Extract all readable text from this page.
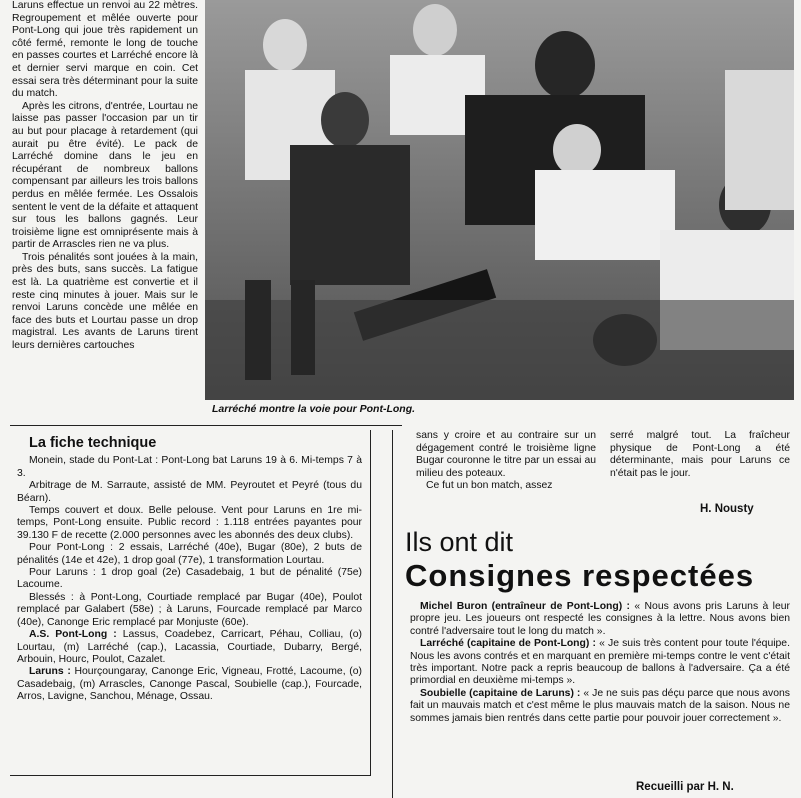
Laruns effectue un renvoi au 22 mètres. Regroupement et mêlée ouverte pour Pont-Long qui joue très rapidement un côté fermé, remonte le long de touche en passes courtes et Larréché encore là et dernier servi marque en coin. Cet essai sera très déterminant pour la suite du match.

Après les citrons, d'entrée, Lourtau ne laisse pas passer l'occasion par un tir au but pour placage à retardement (qui aurait pu être évité). Le pack de Larréché domine dans le jeu en récupérant de nombreux ballons compensant par ailleurs les trois ballons perdus en mêlée fermée. Les Ossalois sentent le vent de la défaite et attaquent sur tous les ballons gagnés. Leur troisième ligne est omniprésente mais à partir de Arrascles rien ne va plus.

Trois pénalités sont jouées à la main, près des buts, sans succès. La fatigue est là. La quatrième est convertie et il reste cinq minutes à jouer. Mais sur le renvoi Laruns concède une mêlée en face des buts et Lourtau passe un drop magistral. Les avants de Laruns tirent leurs dernières cartouches

Larréché montre la voie pour Pont-Long.
La fiche technique

Monein, stade du Pont-Lat : Pont-Long bat Laruns 19 à 6. Mi-temps 7 à 3.

Arbitrage de M. Sarraute, assisté de MM. Peyroutet et Peyré (tous du Béarn).

Temps couvert et doux. Belle pelouse. Vent pour Laruns en 1re mi-temps, Pont-Long ensuite. Public record : 1.118 entrées payantes pour 39.130 F de recette (2.000 personnes avec les abonnés des deux clubs).

Pour Pont-Long : 2 essais, Larréché (40e), Bugar (80e), 2 buts de pénalités (14e et 42e), 1 drop goal (77e), 1 transformation Lourtau.

Pour Laruns : 1 drop goal (2e) Casadebaig, 1 but de pénalité (75e) Lacoume.

Blessés : à Pont-Long, Courtiade remplacé par Bugar (40e), Poulot remplacé par Galabert (58e) ; à Laruns, Fourcade remplacé par Marco (40e), Canonge Eric remplacé par Monjuste (60e).

A.S. Pont-Long : Lassus, Coadebez, Carricart, Péhau, Colliau, (o) Lourtau, (m) Larréché (cap.), Lacassia, Courtiade, Dubarry, Bergé, Arbouin, Hourc, Poulot, Cazalet.

Laruns : Hourçoungaray, Canonge Eric, Vigneau, Frotté, Lacoume, (o) Casadebaig, (m) Arrascles, Canonge Pascal, Soubielle (cap.), Fourcade, Arros, Lavigne, Sanchou, Ménage, Ossau.

sans y croire et au contraire sur un dégagement contré le troisième ligne Bugar couronne le titre par un essai au milieu des poteaux.

Ce fut un bon match, assez

serré malgré tout. La fraîcheur physique de Pont-Long a été déterminante, mais pour Laruns ce n'était pas le jour.

H. Nousty
Ils ont dit
Consignes respectées

Michel Buron (entraîneur de Pont-Long) : « Nous avons pris Laruns à leur propre jeu. Les joueurs ont respecté les consignes à la lettre. Nous avons bien contré l'adversaire tout le long du match ».

Larréché (capitaine de Pont-Long) : « Je suis très content pour toute l'équipe. Nous les avons contrés et en marquant en première mi-temps contre le vent c'était très important. Notre pack a repris beaucoup de ballons à l'adversaire. Ça a été primordial en deuxième mi-temps ».

Soubielle (capitaine de Laruns) : « Je ne suis pas déçu parce que nous avons fait un mauvais match et c'est même le plus mauvais match de la saison. Nous ne sommes jamais bien rentrés dans cette partie pour pouvoir jouer correctement ».

Recueilli par H. N.
